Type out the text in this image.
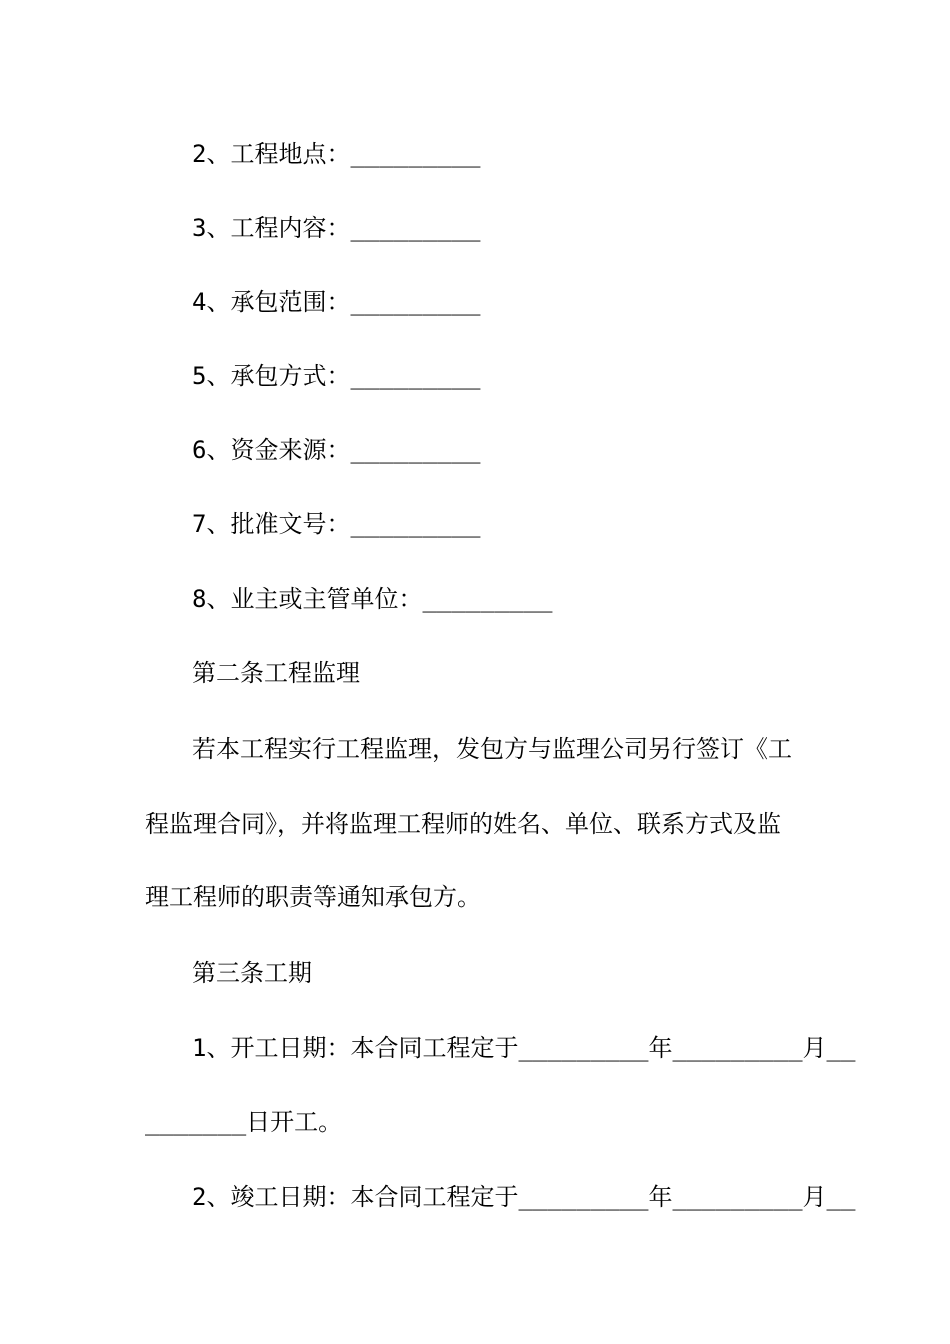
2、工程地点：_________
3、工程内容：_________
4、承包范围：_________
5、承包方式：_________
6、资金来源：_________
7、批准文号：_________
8、业主或主管单位：_________
第二条工程监理
若本工程实行工程监理，发包方与监理公司另行签订《工
程监理合同》，并将监理工程师的姓名、单位、联系方式及监
理工程师的职责等通知承包方。
第三条工期
1、开工日期：本合同工程定于_________年_________月__
_______日开工。
2、竣工日期：本合同工程定于_________年_________月__
